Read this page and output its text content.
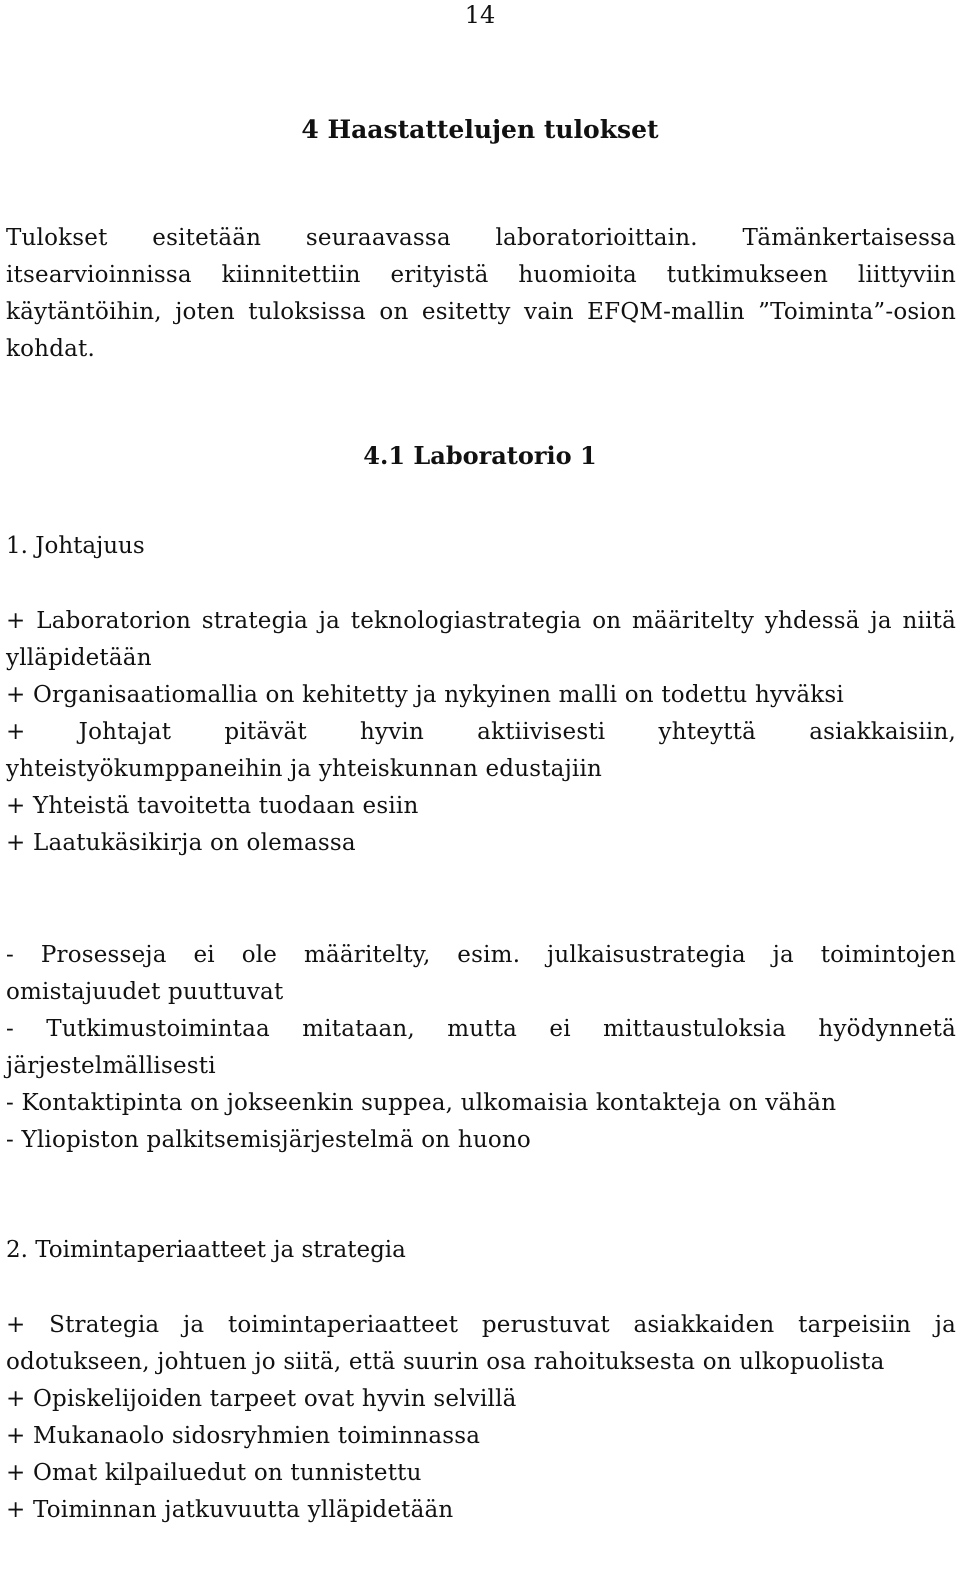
14
4 Haastattelujen tulokset

Tulokset esitetään seuraavassa laboratorioittain. Tämänkertaisessa itsearvioinnissa kiinnitettiin erityistä huomioita tutkimukseen liittyviin käytäntöihin, joten tuloksissa on esitetty vain EFQM-mallin ”Toiminta”-osion kohdat.

4.1 Laboratorio 1
1. Johtajuus

+ Laboratorion strategia ja teknologiastrategia on määritelty yhdessä ja niitä ylläpidetään

+ Organisaatiomallia on kehitetty ja nykyinen malli on todettu hyväksi

+ Johtajat pitävät hyvin aktiivisesti yhteyttä asiakkaisiin, yhteistyökumppaneihin ja yhteiskunnan edustajiin

+ Yhteistä tavoitetta tuodaan esiin

+ Laatukäsikirja on olemassa

- Prosesseja ei ole määritelty, esim. julkaisustrategia ja toimintojen omistajuudet puuttuvat

- Tutkimustoimintaa mitataan, mutta ei mittaustuloksia hyödynnetä järjestelmällisesti

- Kontaktipinta on jokseenkin suppea, ulkomaisia kontakteja on vähän

- Yliopiston palkitsemisjärjestelmä on huono

2. Toimintaperiaatteet ja strategia

+ Strategia ja toimintaperiaatteet perustuvat asiakkaiden tarpeisiin ja odotukseen, johtuen jo siitä, että suurin osa rahoituksesta on ulkopuolista

+ Opiskelijoiden tarpeet ovat hyvin selvillä

+ Mukanaolo sidosryhmien toiminnassa

+ Omat kilpailuedut on tunnistettu

+ Toiminnan jatkuvuutta ylläpidetään
